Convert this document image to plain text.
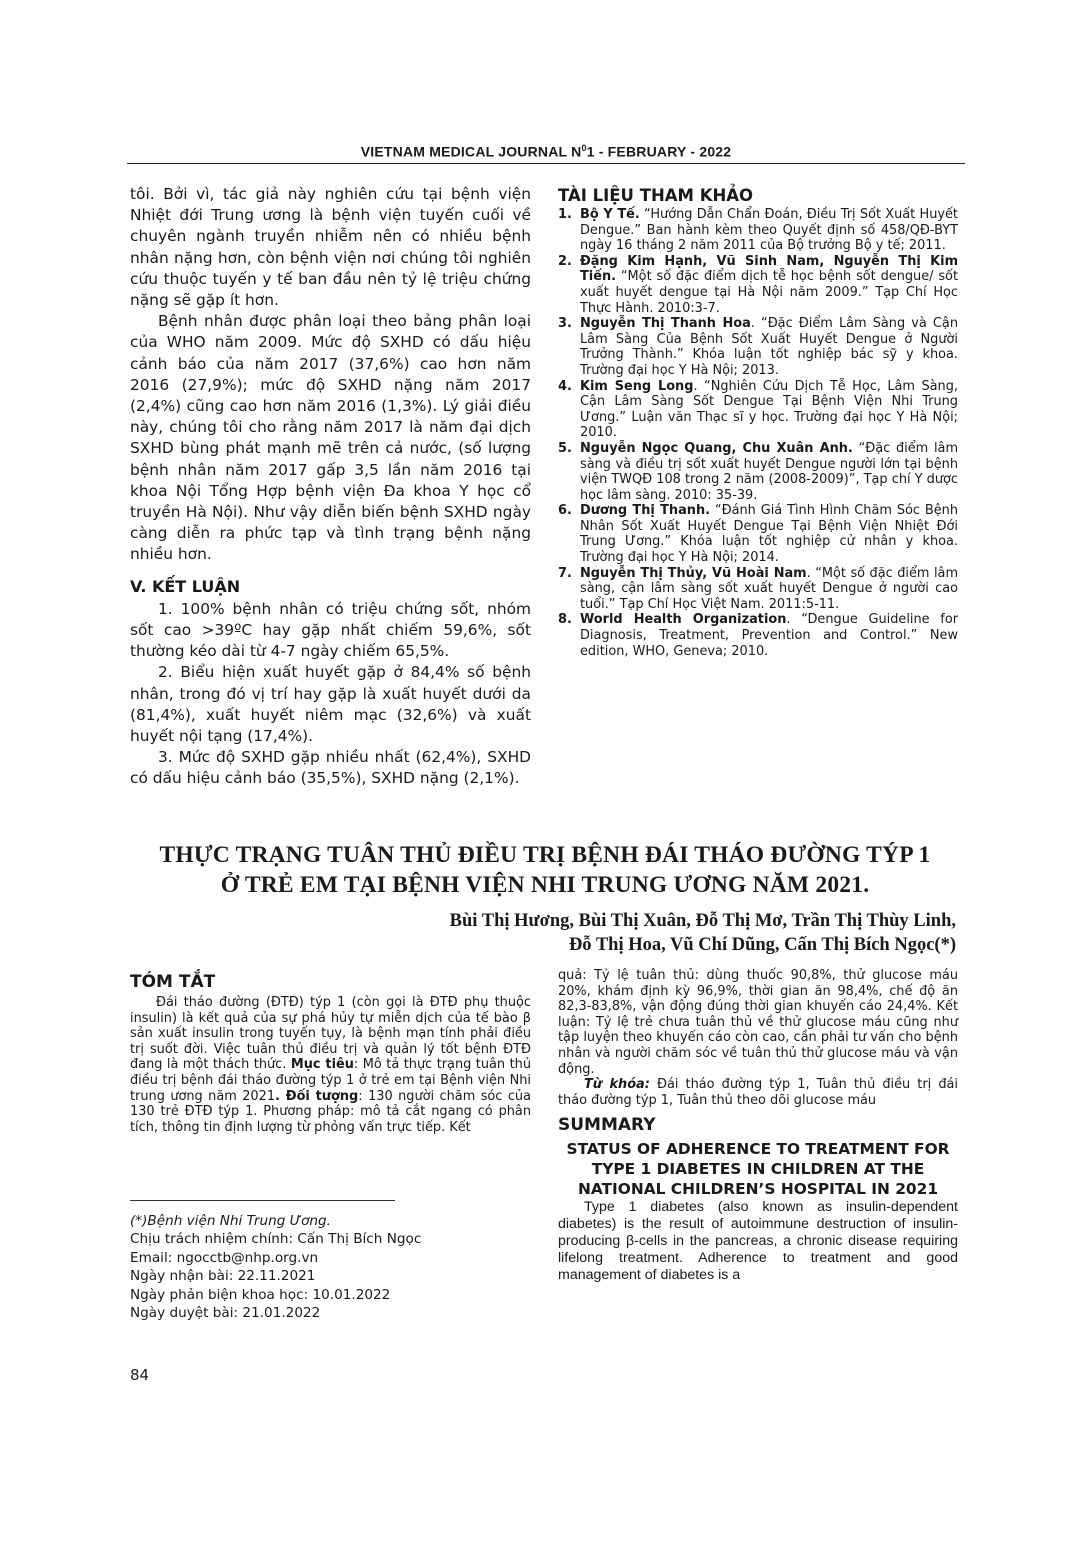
VIETNAM MEDICAL JOURNAL $N^01$ - FEBRUARY - 2022

tôi. Bởi vì, tác giả này nghiên cứu tại bệnh viện Nhiệt đới Trung ương là bệnh viện tuyến cuối về chuyên ngành truyền nhiễm nên có nhiều bệnh nhân nặng hơn, còn bệnh viện nơi chúng tôi nghiên cứu thuộc tuyến y tế ban đầu nên tỷ lệ triệu chứng nặng sẽ gặp ít hơn.

Bệnh nhân được phân loại theo bảng phân loại của WHO năm 2009. Mức độ SXHD có dấu hiệu cảnh báo của năm 2017 (37,6%) cao hơn năm 2016 (27,9%); mức độ SXHD nặng năm 2017 (2,4%) cũng cao hơn năm 2016 (1,3%). Lý giải điều này, chúng tôi cho rằng năm 2017 là năm đại dịch SXHD bùng phát mạnh mẽ trên cả nước, (số lượng bệnh nhân năm 2017 gấp 3,5 lần năm 2016 tại khoa Nội Tổng Hợp bệnh viện Đa khoa Y học cổ truyền Hà Nội). Như vậy diễn biến bệnh SXHD ngày càng diễn ra phức tạp và tình trạng bệnh nặng nhiều hơn.

V. KẾT LUẬN

1. 100% bệnh nhân có triệu chứng sốt, nhóm sốt cao >39ºC hay gặp nhất chiếm 59,6%, sốt thường kéo dài từ 4-7 ngày chiếm 65,5%.

2. Biểu hiện xuất huyết gặp ở 84,4% số bệnh nhân, trong đó vị trí hay gặp là xuất huyết dưới da (81,4%), xuất huyết niêm mạc (32,6%) và xuất huyết nội tạng (17,4%).

3. Mức độ SXHD gặp nhiều nhất (62,4%), SXHD có dấu hiệu cảnh báo (35,5%), SXHD nặng (2,1%).

TÀI LIỆU THAM KHẢO
1. Bộ Y Tế. “Hướng Dẫn Chẩn Đoán, Điều Trị Sốt Xuất Huyết Dengue.” Ban hành kèm theo Quyết định số 458/QĐ-BYT ngày 16 tháng 2 năm 2011 của Bộ trưởng Bộ y tế; 2011.
2. Đặng Kim Hạnh, Vũ Sinh Nam, Nguyễn Thị Kim Tiến. “Một số đặc điểm dịch tễ học bệnh sốt dengue/ sốt xuất huyết dengue tại Hà Nội năm 2009.” Tạp Chí Học Thực Hành. 2010:3-7.
3. Nguyễn Thị Thanh Hoa. “Đặc Điểm Lâm Sàng và Cận Lâm Sàng Của Bệnh Sốt Xuất Huyết Dengue ở Người Trưởng Thành.” Khóa luận tốt nghiệp bác sỹ y khoa. Trường đại học Y Hà Nội; 2013.
4. Kim Seng Long. “Nghiên Cứu Dịch Tễ Học, Lâm Sàng, Cận Lâm Sàng Sốt Dengue Tại Bệnh Viện Nhi Trung Ương.” Luận văn Thạc sĩ y học. Trường đại học Y Hà Nội; 2010.
5. Nguyễn Ngọc Quang, Chu Xuân Anh. “Đặc điểm lâm sàng và điều trị sốt xuất huyết Dengue người lớn tại bệnh viện TWQĐ 108 trong 2 năm (2008-2009)”, Tạp chí Y dược học lâm sàng. 2010: 35-39.
6. Dương Thị Thanh. “Đánh Giá Tình Hình Chăm Sóc Bệnh Nhân Sốt Xuất Huyết Dengue Tại Bệnh Viện Nhiệt Đới Trung Ương.” Khóa luận tốt nghiệp cử nhân y khoa. Trường đại học Y Hà Nội; 2014.
7. Nguyễn Thị Thủy, Vũ Hoài Nam. “Một số đặc điểm lâm sàng, cận lâm sàng sốt xuất huyết Dengue ở người cao tuổi.” Tạp Chí Học Việt Nam. 2011:5-11.
8. World Health Organization. “Dengue Guideline for Diagnosis, Treatment, Prevention and Control.” New edition, WHO, Geneva; 2010.
THỰC TRẠNG TUÂN THỦ ĐIỀU TRỊ BỆNH ĐÁI THÁO ĐƯỜNG TÝP 1
Ở TRẺ EM TẠI BỆNH VIỆN NHI TRUNG ƯƠNG NĂM 2021.
Bùi Thị Hương, Bùi Thị Xuân, Đỗ Thị Mơ, Trần Thị Thùy Linh,
Đỗ Thị Hoa, Vũ Chí Dũng, Cấn Thị Bích Ngọc(*)
TÓM TẮT

Đái tháo đường (ĐTĐ) týp 1 (còn gọi là ĐTĐ phụ thuộc insulin) là kết quả của sự phá hủy tự miễn dịch của tế bào β sản xuất insulin trong tuyến tụy, là bệnh mạn tính phải điều trị suốt đời. Việc tuân thủ điều trị và quản lý tốt bệnh ĐTĐ đang là một thách thức. Mục tiêu: Mô tả thực trạng tuân thủ điều trị bệnh đái tháo đường týp 1 ở trẻ em tại Bệnh viện Nhi trung ương năm 2021. Đối tượng: 130 người chăm sóc của 130 trẻ ĐTĐ týp 1. Phương pháp: mô tả cắt ngang có phân tích, thông tin định lượng từ phỏng vấn trực tiếp. Kết

(*)Bệnh viện Nhi Trung Ương.
Chịu trách nhiệm chính: Cấn Thị Bích Ngọc
Email: ngocctb@nhp.org.vn
Ngày nhận bài: 22.11.2021
Ngày phản biện khoa học: 10.01.2022
Ngày duyệt bài: 21.01.2022

quả: Tỷ lệ tuân thủ: dùng thuốc 90,8%, thử glucose máu 20%, khám định kỳ 96,9%, thời gian ăn 98,4%, chế độ ăn 82,3-83,8%, vận động đúng thời gian khuyến cáo 24,4%. Kết luận: Tỷ lệ trẻ chưa tuân thủ về thử glucose máu cũng như tập luyện theo khuyến cáo còn cao, cần phải tư vấn cho bệnh nhân và người chăm sóc về tuân thủ thử glucose máu và vận động.

Từ khóa: Đái tháo đường týp 1, Tuân thủ điều trị đái tháo đường týp 1, Tuân thủ theo dõi glucose máu

SUMMARY
STATUS OF ADHERENCE TO TREATMENT FOR
TYPE 1 DIABETES IN CHILDREN AT THE
NATIONAL CHILDREN’S HOSPITAL IN 2021

Type 1 diabetes (also known as insulin-dependent diabetes) is the result of autoimmune destruction of insulin-producing β-cells in the pancreas, a chronic disease requiring lifelong treatment. Adherence to treatment and good management of diabetes is a

84
